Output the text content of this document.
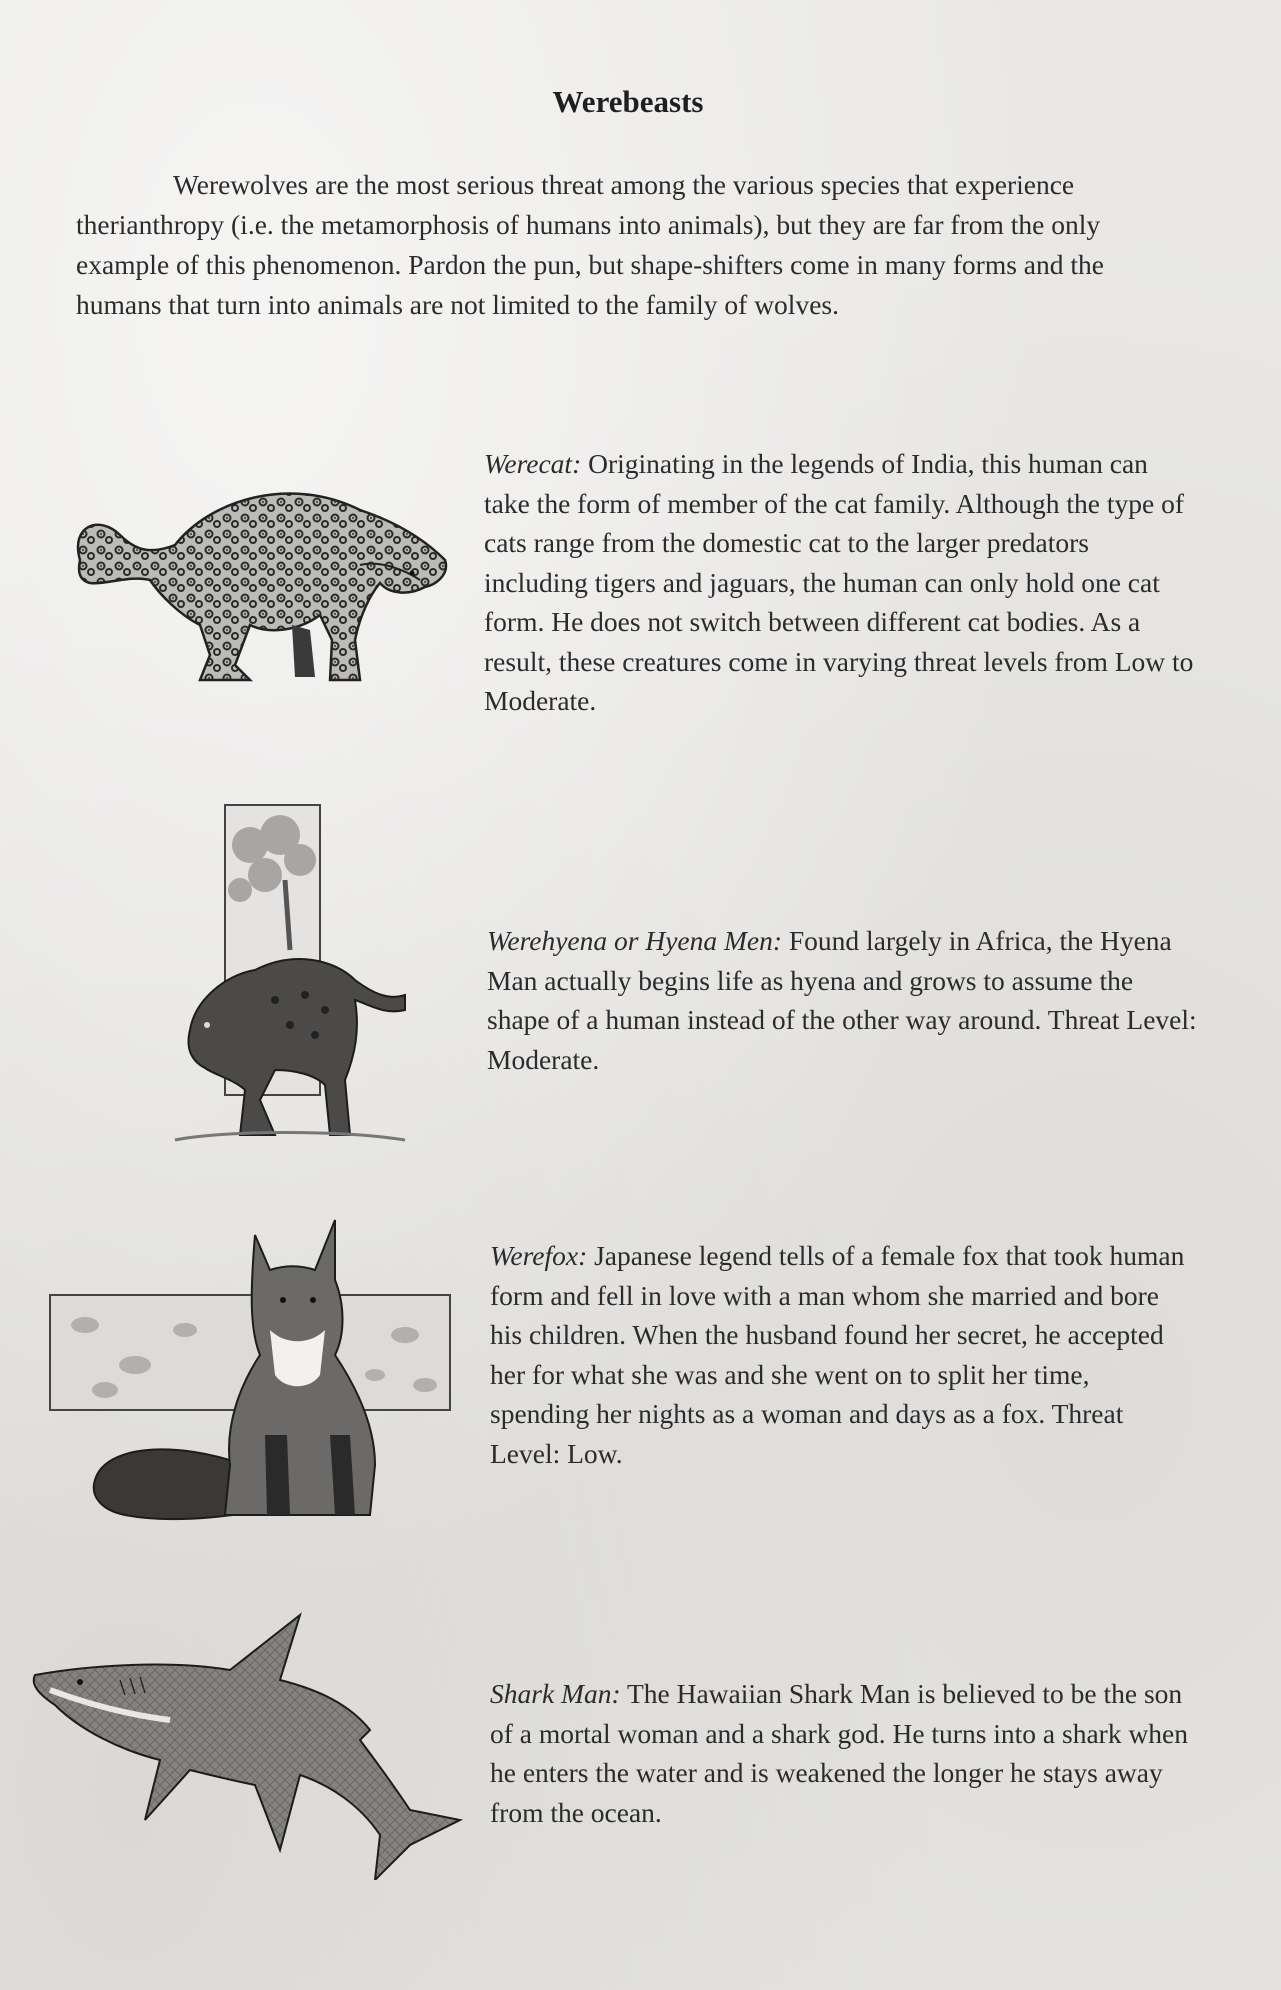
Werebeasts
Werewolves are the most serious threat among the various species that experience therianthropy (i.e. the metamorphosis of humans into animals), but they are far from the only example of this phenomenon. Pardon the pun, but shape-shifters come in many forms and the humans that turn into animals are not limited to the family of wolves.
Werecat: Originating in the legends of India, this human can take the form of member of the cat family. Although the type of cats range from the domestic cat to the larger predators including tigers and jaguars, the human can only hold one cat form. He does not switch between different cat bodies. As a result, these creatures come in varying threat levels from Low to Moderate.
Werehyena or Hyena Men: Found largely in Africa, the Hyena Man actually begins life as hyena and grows to assume the shape of a human instead of the other way around. Threat Level: Moderate.
Werefox: Japanese legend tells of a female fox that took human form and fell in love with a man whom she married and bore his children. When the husband found her secret, he accepted her for what she was and she went on to split her time, spending her nights as a woman and days as a fox. Threat Level: Low.
Shark Man: The Hawaiian Shark Man is believed to be the son of a mortal woman and a shark god. He turns into a shark when he enters the water and is weakened the longer he stays away from the ocean.
